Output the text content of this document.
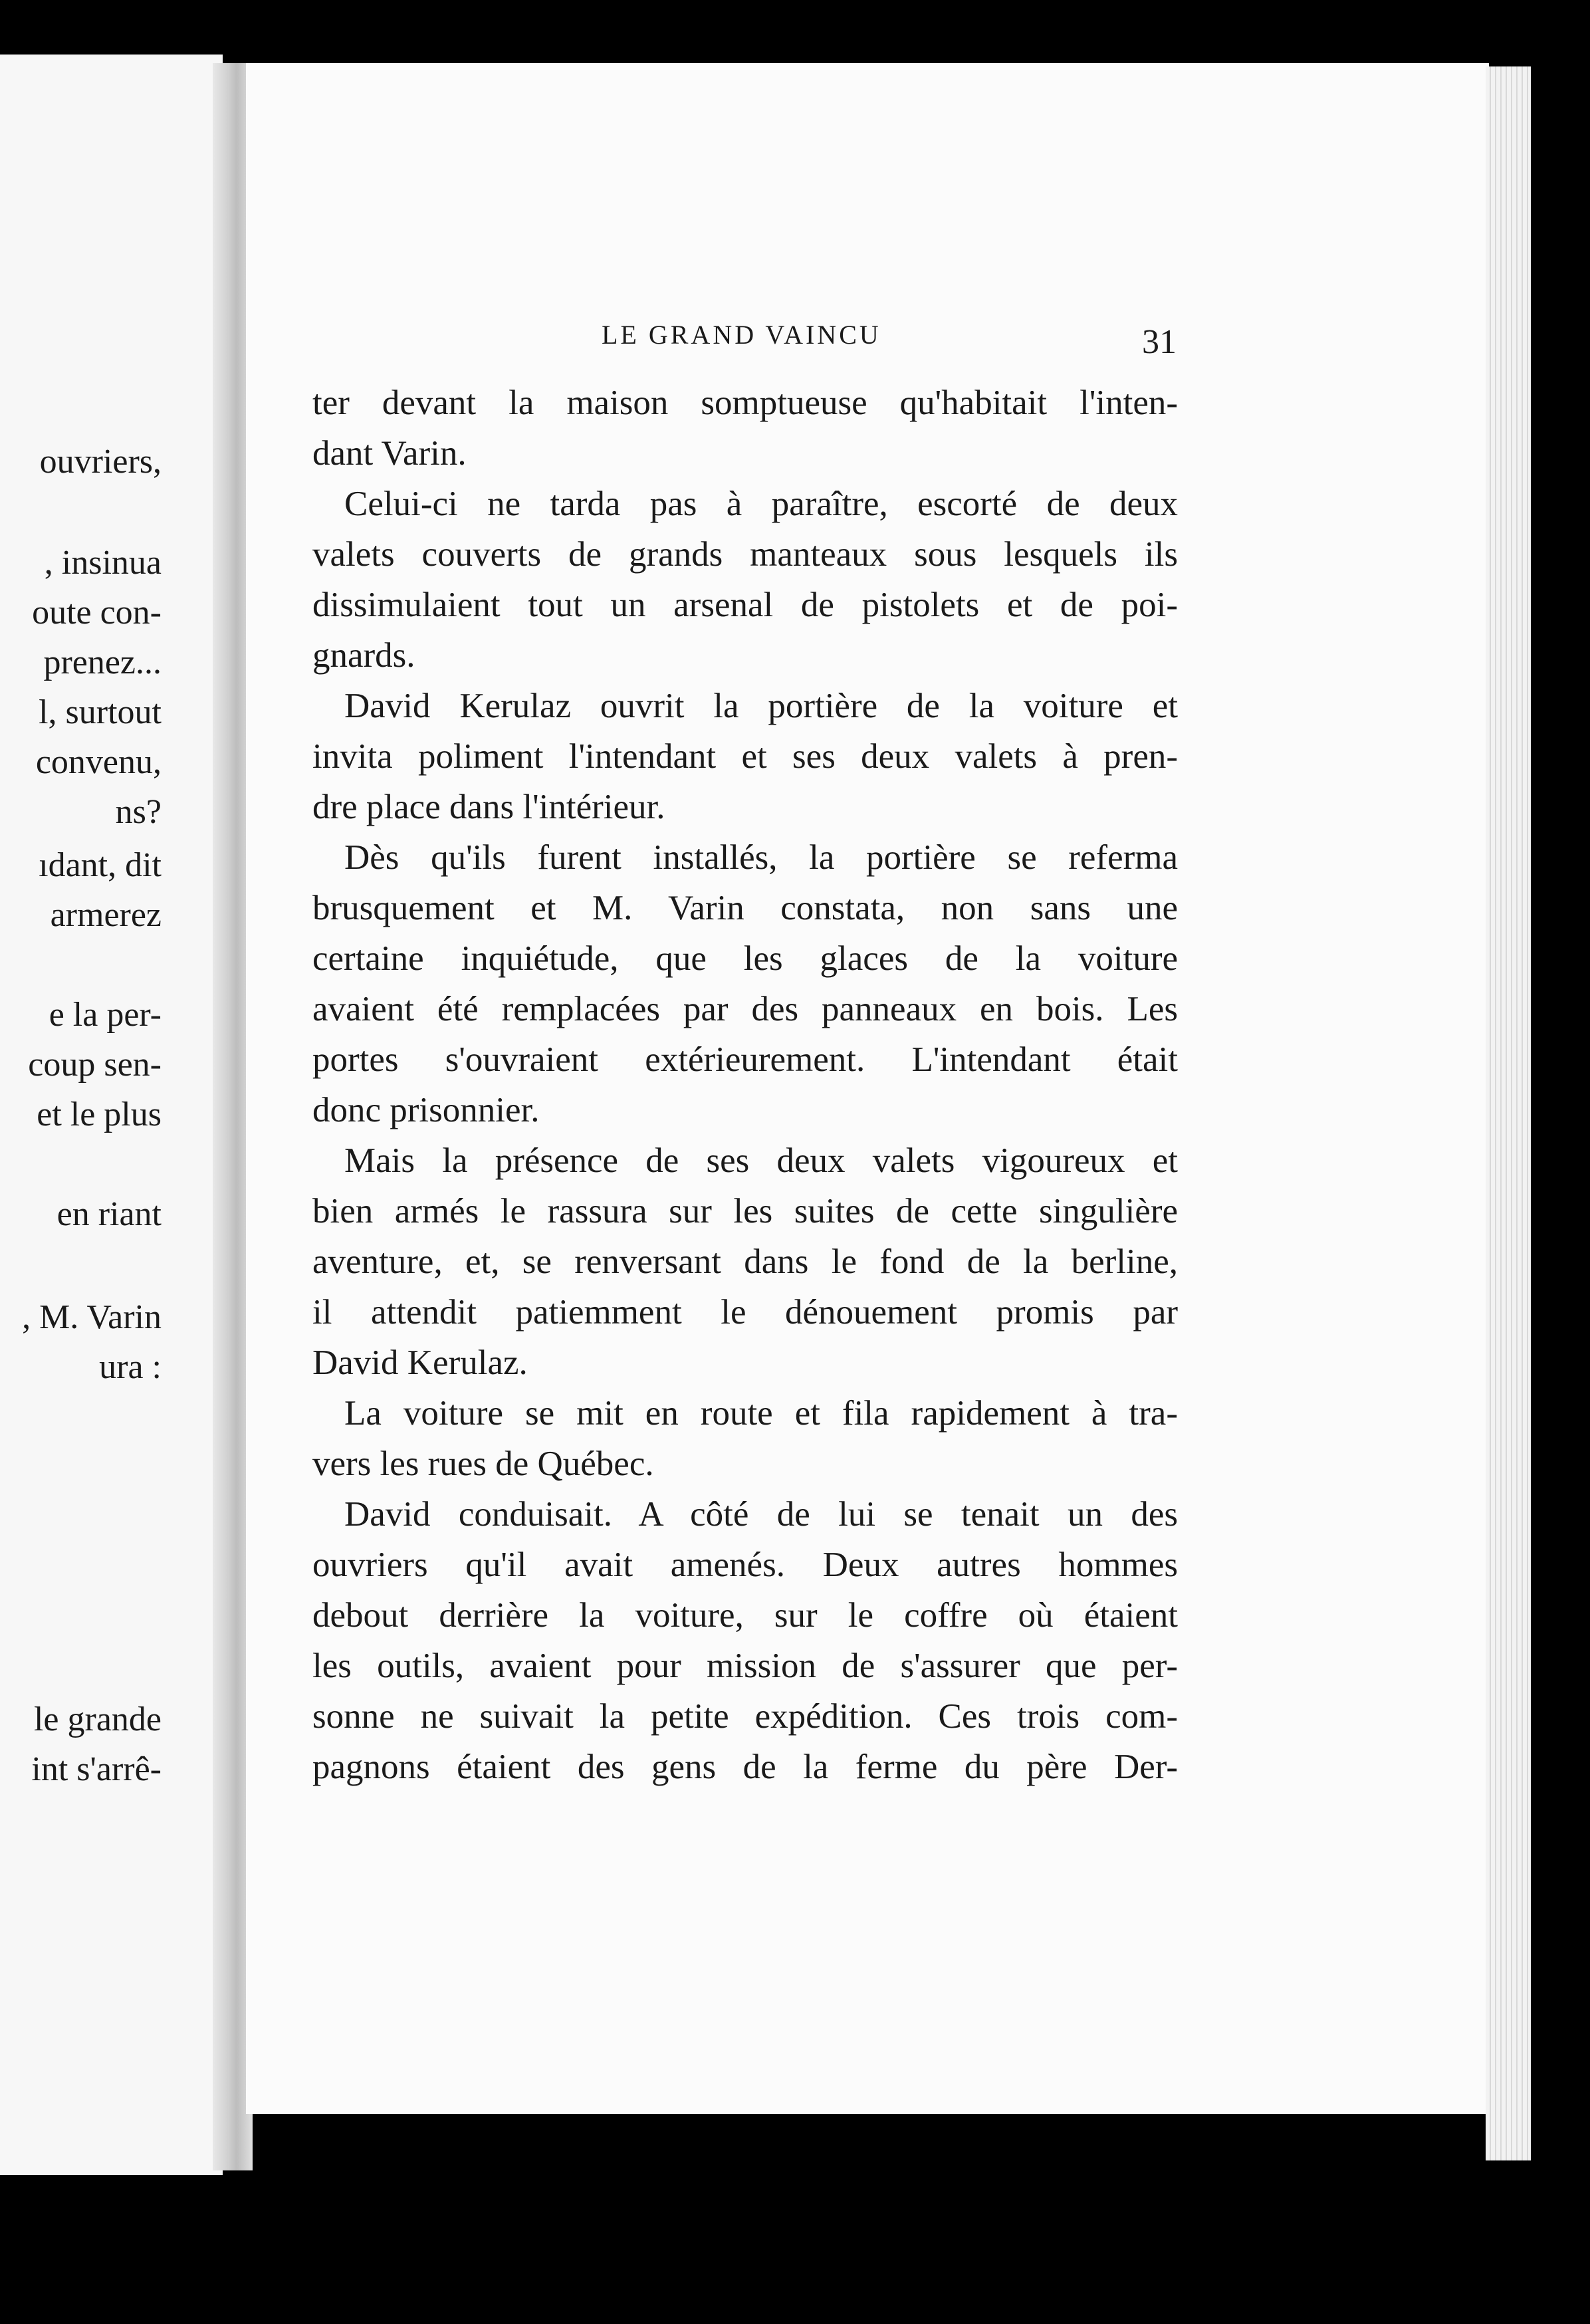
ouvriers,
, insinua
oute con-
prenez...
l, surtout
convenu,
ns?
ıdant, dit
armerez
e la per-
coup sen-
et le plus
en riant
, M. Varin
ura :
le grande
int s'arrê-
LE GRAND VAINCU	31
ter devant la maison somptueuse qu'habitait l'inten-
dant Varin.
Celui-ci ne tarda pas à paraître, escorté de deux
valets couverts de grands manteaux sous lesquels ils
dissimulaient tout un arsenal de pistolets et de poi-
gnards.
David Kerulaz ouvrit la portière de la voiture et
invita poliment l'intendant et ses deux valets à pren-
dre place dans l'intérieur.
Dès qu'ils furent installés, la portière se referma
brusquement et M. Varin constata, non sans une
certaine inquiétude, que les glaces de la voiture
avaient été remplacées par des panneaux en bois. Les
portes s'ouvraient extérieurement. L'intendant était
donc prisonnier.
Mais la présence de ses deux valets vigoureux et
bien armés le rassura sur les suites de cette singulière
aventure, et, se renversant dans le fond de la berline,
il attendit patiemment le dénouement promis par
David Kerulaz.
La voiture se mit en route et fila rapidement à tra-
vers les rues de Québec.
David conduisait. A côté de lui se tenait un des
ouvriers qu'il avait amenés. Deux autres hommes
debout derrière la voiture, sur le coffre où étaient
les outils, avaient pour mission de s'assurer que per-
sonne ne suivait la petite expédition. Ces trois com-
pagnons étaient des gens de la ferme du père Der-
